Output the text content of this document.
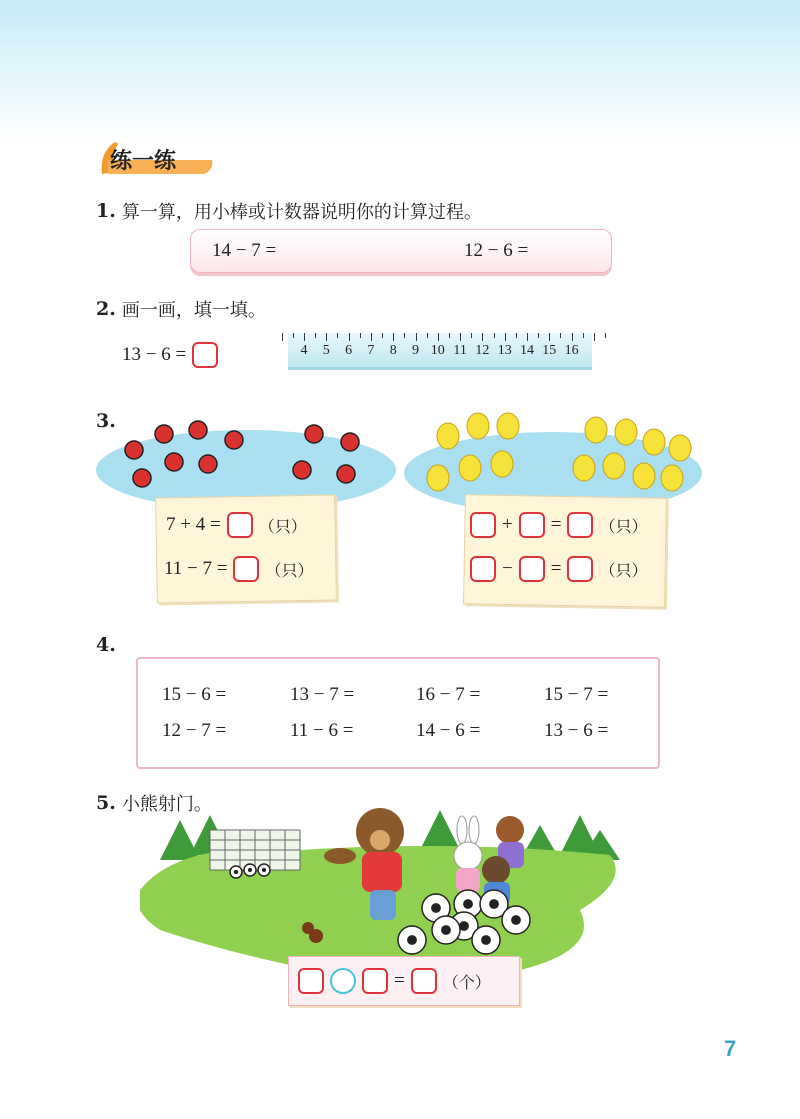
练一练
1. 算一算，用小棒或计数器说明你的计算过程。
14 − 7 =	12 − 6 =
2. 画一画，填一填。
13 − 6 =	4 5 6 7 8 9 10 11 12 13 14 15 16
3.
7 + 4 = （只）
11 − 7 = （只）
+ = （只）
− = （只）
4.
15 − 6 =	13 − 7 =	16 − 7 =	15 − 7 =
12 − 7 =	11 − 6 =	14 − 6 =	13 − 6 =
5. 小熊射门。
= （个）
7
